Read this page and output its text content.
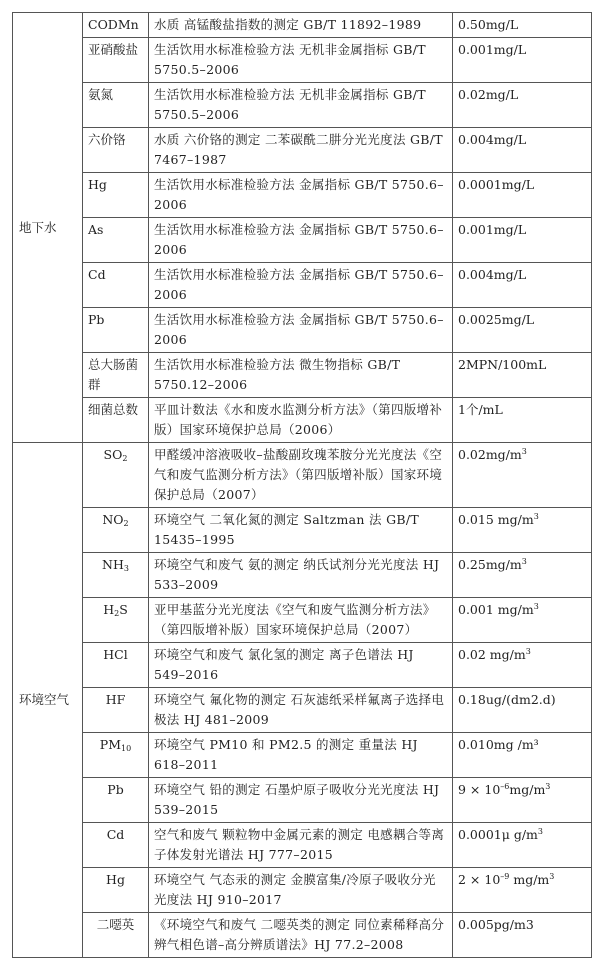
地下水	CODMn	水质 高锰酸盐指数的测定 GB/T 11892–1989	0.50mg/L
	亚硝酸盐	生活饮用水标准检验方法 无机非金属指标 GB/T 5750.5–2006	0.001mg/L
	氨氮	生活饮用水标准检验方法 无机非金属指标 GB/T 5750.5–2006	0.02mg/L
	六价铬	水质 六价铬的测定 二苯碳酰二肼分光光度法 GB/T 7467–1987	0.004mg/L
	Hg	生活饮用水标准检验方法 金属指标 GB/T 5750.6–2006	0.0001mg/L
	As	生活饮用水标准检验方法 金属指标 GB/T 5750.6–2006	0.001mg/L
	Cd	生活饮用水标准检验方法 金属指标 GB/T 5750.6–2006	0.004mg/L
	Pb	生活饮用水标准检验方法 金属指标 GB/T 5750.6–2006	0.0025mg/L
	总大肠菌群	生活饮用水标准检验方法 微生物指标 GB/T 5750.12–2006	2MPN/100mL
	细菌总数	平皿计数法《水和废水监测分析方法》（第四版增补版）国家环境保护总局（2006）	1个/mL
环境空气	$SO_2$	甲醛缓冲溶液吸收–盐酸副玫瑰苯胺分光光度法《空气和废气监测分析方法》（第四版增补版）国家环境保护总局（2007）	$0.02mg/m^3$
	$NO_2$	环境空气 二氧化氮的测定 Saltzman 法 GB/T 15435–1995	0.015 $mg/m^3$
	$NH_3$	环境空气和废气 氨的测定 纳氏试剂分光光度法 HJ 533–2009	$0.25mg/m^3$
	$H_2S$	亚甲基蓝分光光度法《空气和废气监测分析方法》（第四版增补版）国家环境保护总局（2007）	0.001 $mg/m^3$
	HCl	环境空气和废气 氯化氢的测定 离子色谱法 HJ 549–2016	0.02 $mg/m^3$
	HF	环境空气 氟化物的测定 石灰滤纸采样氟离子选择电极法 HJ 481–2009	0.18ug/(dm2.d)
	$PM_{10}$	环境空气 PM10 和 PM2.5 的测定 重量法 HJ 618–2011	0.010mg /m³
	Pb	环境空气 铅的测定 石墨炉原子吸收分光光度法 HJ 539–2015	$9 \times 10^{-6}mg/m^3$
	Cd	空气和废气 颗粒物中金属元素的测定 电感耦合等离子体发射光谱法 HJ 777–2015	0.0001μ $g/m^3$
	Hg	环境空气 气态汞的测定 金膜富集/冷原子吸收分光光度法 HJ 910–2017	$2 \times 10^{-9}$ $mg/m^3$
	二噁英	《环境空气和废气 二噁英类的测定 同位素稀释高分辨气相色谱–高分辨质谱法》HJ 77.2–2008	0.005pg/m3
